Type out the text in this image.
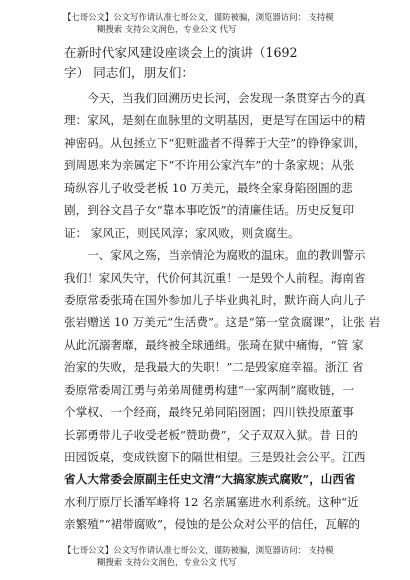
【七哥公文】公文写作请认准七哥公文，谨防被骗，浏览器访问： 支持模
糊搜索 支持公文润色，专业公文 代写
在新时代家风建设座谈会上的演讲（1692
字） 同志们，朋友们：
　　今天，当我们回溯历史长河，会发现一条贯穿古今的真
理：家风，是刻在血脉里的文明基因，更是写在国运中的精
神密码。从包拯立下“犯赃滥者不得葬于大茔”的铮铮家训，
到周恩来为亲属定下“不许用公家汽车”的十条家规；从张
琦纵容儿子收受老板 10 万美元，最终全家身陷囹圄的悲
剧，到谷文昌子女“靠本事吃饭”的清廉佳话。历史反复印
证： 家风正，则民风淳；家风败，则贪腐生。
　　一、家风之殇，当亲情沦为腐败的温床。血的教训警示
我们！家风失守，代价何其沉重！一是毁个人前程。海南省
委原常委张琦在国外参加儿子毕业典礼时，默许商人向儿子
张岩赠送 10 万美元“生活费”。这是“第一堂贪腐课”，让张 岩
从此沉溺奢靡，最终被全球通缉。张琦在狱中痛悔，“管 家
治家的失败，是我最大的失职！”二是毁家庭幸福。浙江 省
委原常委周江勇与弟弟周健勇构建“一家两制”腐败链，一
个掌权、一个经商，最终兄弟同陷囹圄；四川铁投原董事
长郭勇带儿子收受老板“赞助费”，父子双双入狱。昔 日的
田园饭桌，变成铁窗下的隔世相望。三是毁社会公平。江西
省人大常委会原副主任史文清“大搞家族式腐败”，山西省
水利厅原厅长潘军峰将 12 名亲属塞进水利系统。这种“近
亲繁殖”“裙带腐败”，侵蚀的是公众对公平的信任，瓦解的
【七哥公文】公文写作请认准七哥公文，谨防被骗，浏览器访问： 支持模
糊搜索 支持公文润色，专业公文 代写
